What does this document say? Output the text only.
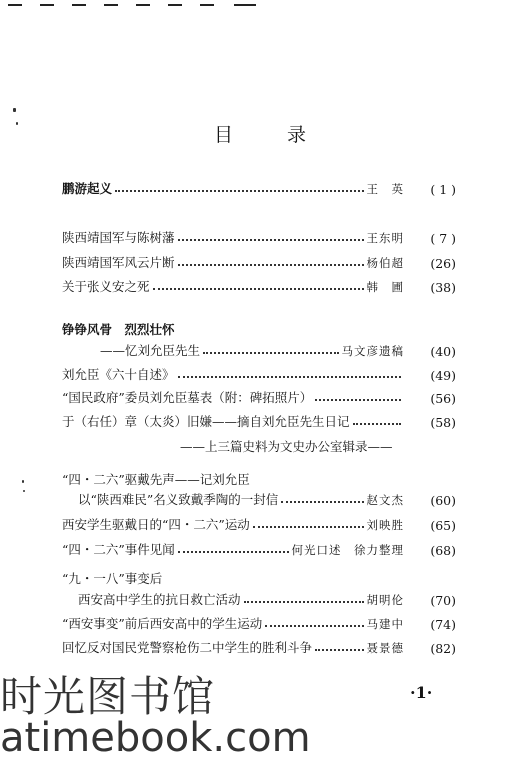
目	录
鹏游起义	王　英	( 1 )
陕西靖国军与陈树藩	王东明	( 7 )
陕西靖国军风云片断	杨伯超	(26)
关于张义安之死	韩　圃	(38)
铮铮风骨　烈烈壮怀
——忆刘允臣先生	马文彦遗稿	(40)
刘允臣《六十自述》	(49)
“国民政府”委员刘允臣墓表（附：碑拓照片）	(56)
于（右任）章（太炎）旧嫌——摘自刘允臣先生日记	(58)
——上三篇史料为文史办公室辑录——
“四・二六”驱戴先声——记刘允臣
以“陕西难民”名义致戴季陶的一封信	赵文杰	(60)
西安学生驱戴日的“四・二六”运动	刘映胜	(65)
“四・二六”事件见闻	何光口述　徐力整理	(68)
“九・一八”事变后
西安高中学生的抗日救亡活动	胡明伦	(70)
“西安事变”前后西安高中的学生运动	马建中	(74)
回忆反对国民党警察枪伤二中学生的胜利斗争	聂景德	(82)
·1·
时光图书馆
atimebook.com
